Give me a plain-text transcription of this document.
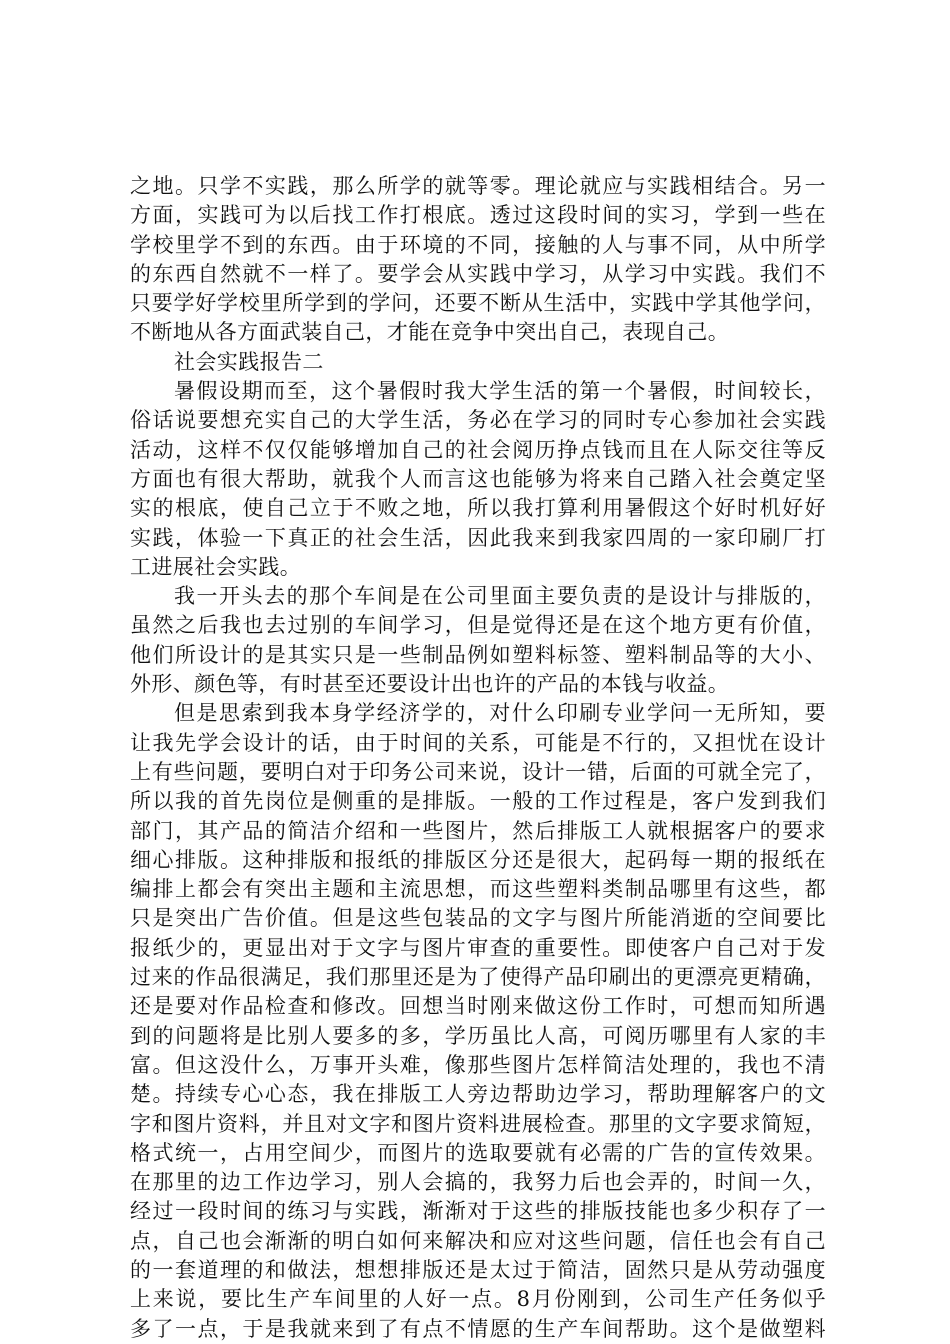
之地。只学不实践，那么所学的就等零。理论就应与实践相结合。另一
方面，实践可为以后找工作打根底。透过这段时间的实习，学到一些在
学校里学不到的东西。由于环境的不同，接触的人与事不同，从中所学
的东西自然就不一样了。要学会从实践中学习，从学习中实践。我们不
只要学好学校里所学到的学问，还要不断从生活中，实践中学其他学问，
不断地从各方面武装自己，才能在竞争中突出自己，表现自己。
社会实践报告二
暑假设期而至，这个暑假时我大学生活的第一个暑假，时间较长，
俗话说要想充实自己的大学生活，务必在学习的同时专心参加社会实践
活动，这样不仅仅能够增加自己的社会阅历挣点钱而且在人际交往等反
方面也有很大帮助，就我个人而言这也能够为将来自己踏入社会奠定坚
实的根底，使自己立于不败之地，所以我打算利用暑假这个好时机好好
实践，体验一下真正的社会生活，因此我来到我家四周的一家印刷厂打
工进展社会实践。
我一开头去的那个车间是在公司里面主要负责的是设计与排版的，
虽然之后我也去过别的车间学习，但是觉得还是在这个地方更有价值，
他们所设计的是其实只是一些制品例如塑料标签、塑料制品等的大小、
外形、颜色等，有时甚至还要设计出也许的产品的本钱与收益。
但是思索到我本身学经济学的，对什么印刷专业学问一无所知，要
让我先学会设计的话，由于时间的关系，可能是不行的，又担忧在设计
上有些问题，要明白对于印务公司来说，设计一错，后面的可就全完了，
所以我的首先岗位是侧重的是排版。一般的工作过程是，客户发到我们
部门，其产品的简洁介绍和一些图片，然后排版工人就根据客户的要求
细心排版。这种排版和报纸的排版区分还是很大，起码每一期的报纸在
编排上都会有突出主题和主流思想，而这些塑料类制品哪里有这些，都
只是突出广告价值。但是这些包装品的文字与图片所能消逝的空间要比
报纸少的，更显出对于文字与图片审查的重要性。即使客户自己对于发
过来的作品很满足，我们那里还是为了使得产品印刷出的更漂亮更精确，
还是要对作品检查和修改。回想当时刚来做这份工作时，可想而知所遇
到的问题将是比别人要多的多，学历虽比人高，可阅历哪里有人家的丰
富。但这没什么，万事开头难，像那些图片怎样简洁处理的，我也不清
楚。持续专心心态，我在排版工人旁边帮助边学习，帮助理解客户的文
字和图片资料，并且对文字和图片资料进展检查。那里的文字要求简短，
格式统一，占用空间少，而图片的选取要就有必需的广告的宣传效果。
在那里的边工作边学习，别人会搞的，我努力后也会弄的，时间一久，
经过一段时间的练习与实践，渐渐对于这些的排版技能也多少积存了一
点，自己也会渐渐的明白如何来解决和应对这些问题，信任也会有自己
的一套道理的和做法，想想排版还是太过于简洁，固然只是从劳动强度
上来说，要比生产车间里的人好一点。8月份刚到，公司生产任务似乎
多了一点，于是我就来到了有点不情愿的生产车间帮助。这个是做塑料
